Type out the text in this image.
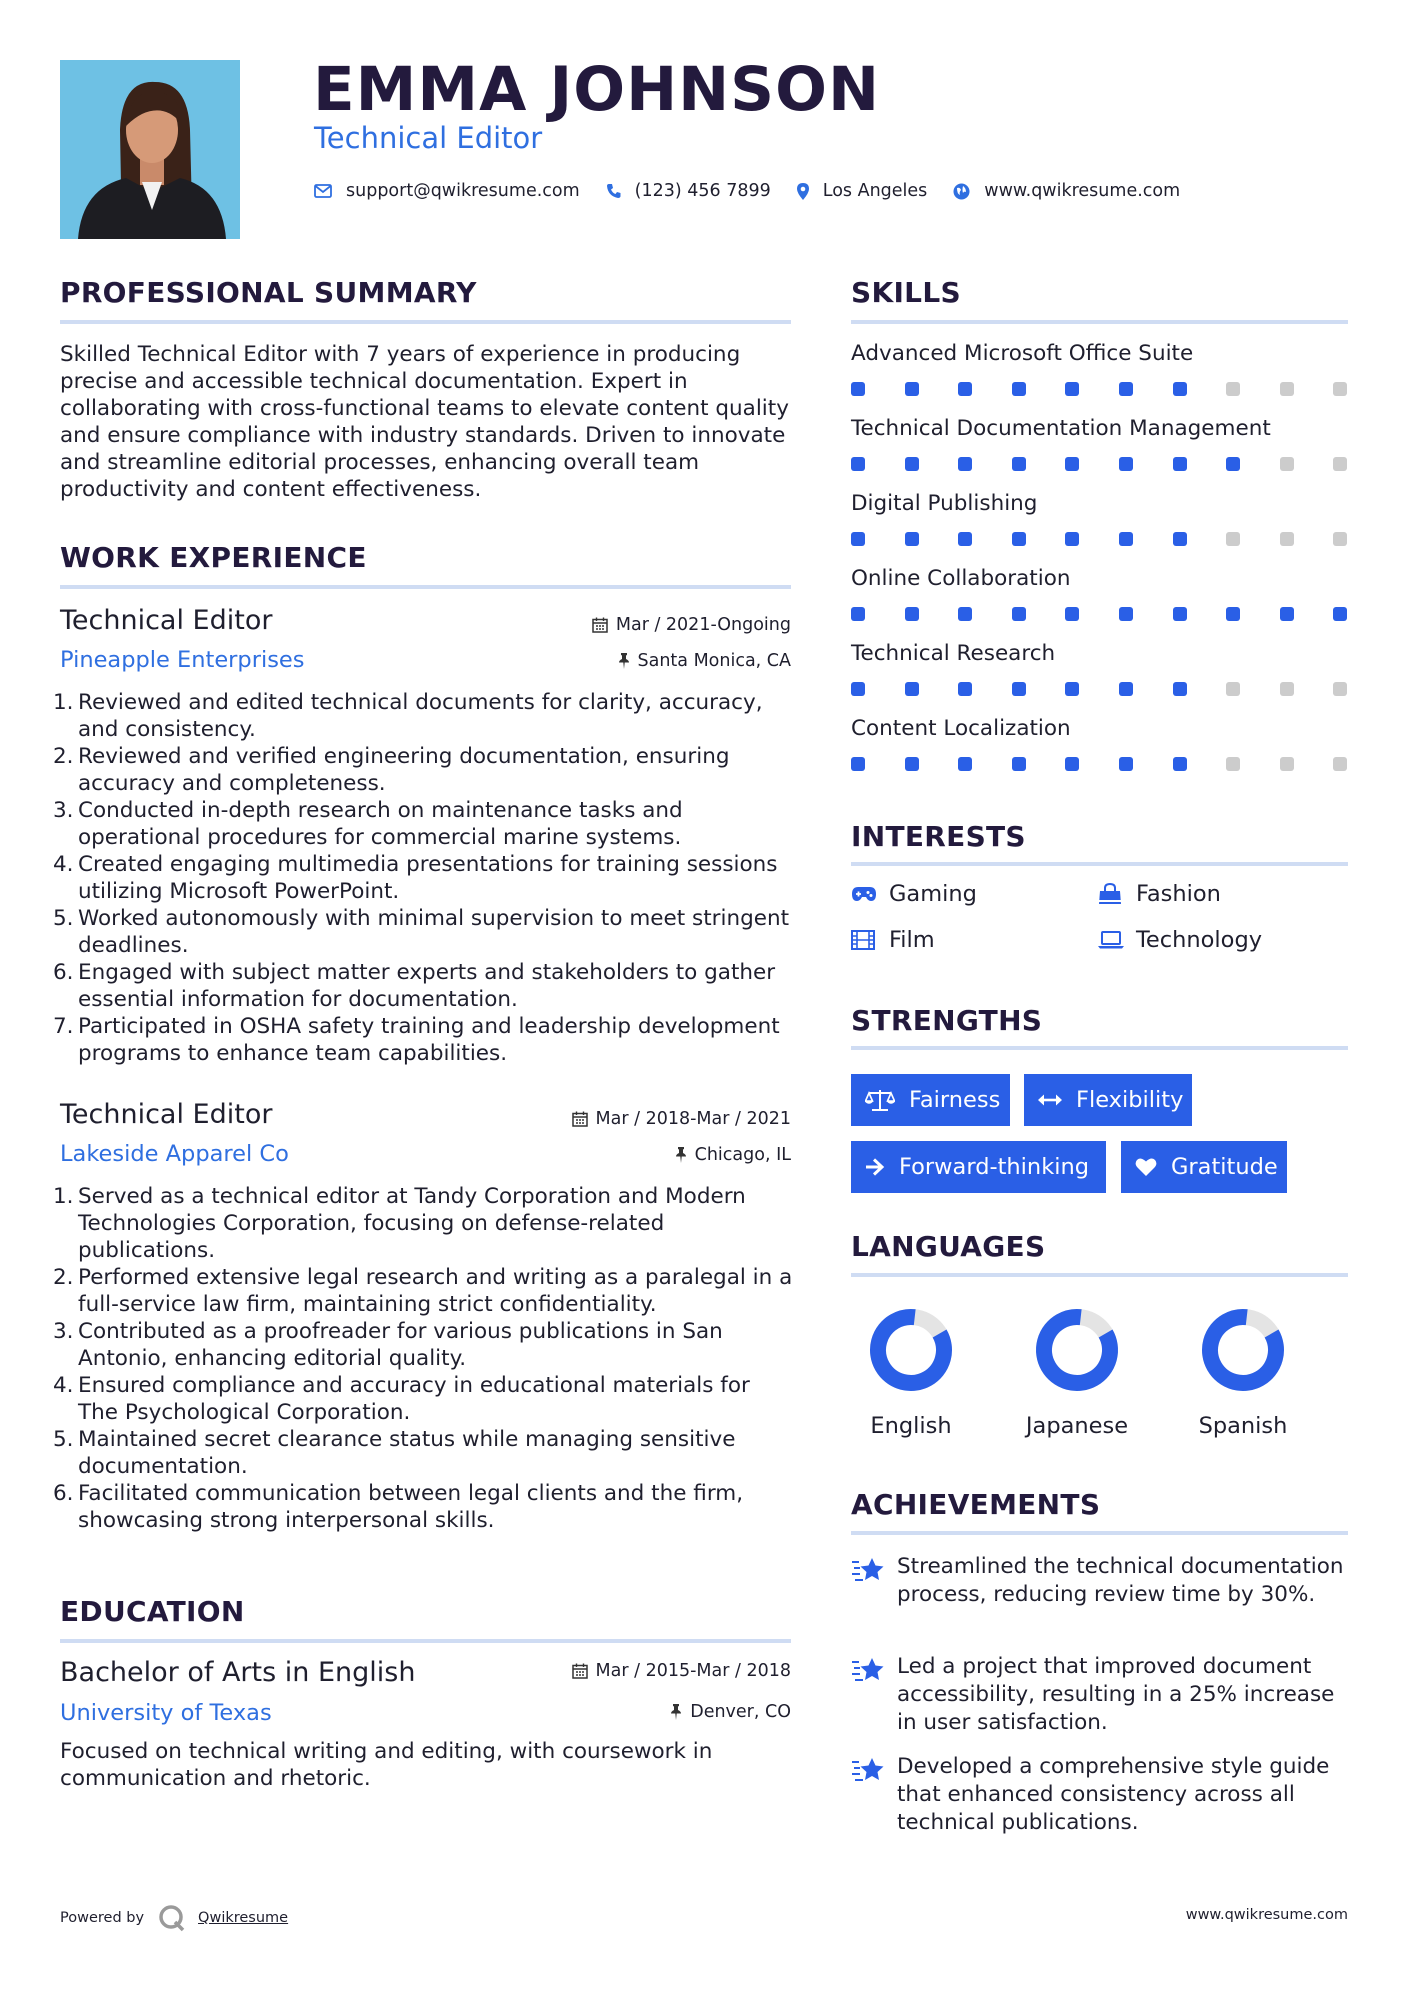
EMMA JOHNSON
Technical Editor
support@qwikresume.com	(123) 456 7899	Los Angeles	www.qwikresume.com
PROFESSIONAL SUMMARY
Skilled Technical Editor with 7 years of experience in producing precise and accessible technical documentation. Expert in collaborating with cross-functional teams to elevate content quality and ensure compliance with industry standards. Driven to innovate and streamline editorial processes, enhancing overall team productivity and content effectiveness.
WORK EXPERIENCE
Technical Editor	Mar / 2021-Ongoing
Pineapple Enterprises	Santa Monica, CA
1. Reviewed and edited technical documents for clarity, accuracy, and consistency.
2. Reviewed and verified engineering documentation, ensuring accuracy and completeness.
3. Conducted in-depth research on maintenance tasks and operational procedures for commercial marine systems.
4. Created engaging multimedia presentations for training sessions utilizing Microsoft PowerPoint.
5. Worked autonomously with minimal supervision to meet stringent deadlines.
6. Engaged with subject matter experts and stakeholders to gather essential information for documentation.
7. Participated in OSHA safety training and leadership development programs to enhance team capabilities.
Technical Editor	Mar / 2018-Mar / 2021
Lakeside Apparel Co	Chicago, IL
1. Served as a technical editor at Tandy Corporation and Modern Technologies Corporation, focusing on defense-related publications.
2. Performed extensive legal research and writing as a paralegal in a full-service law firm, maintaining strict confidentiality.
3. Contributed as a proofreader for various publications in San Antonio, enhancing editorial quality.
4. Ensured compliance and accuracy in educational materials for The Psychological Corporation.
5. Maintained secret clearance status while managing sensitive documentation.
6. Facilitated communication between legal clients and the firm, showcasing strong interpersonal skills.
EDUCATION
Bachelor of Arts in English	Mar / 2015-Mar / 2018
University of Texas	Denver, CO
Focused on technical writing and editing, with coursework in communication and rhetoric.
SKILLS
Advanced Microsoft Office Suite
Technical Documentation Management
Digital Publishing
Online Collaboration
Technical Research
Content Localization
INTERESTS
Gaming	Fashion
Film	Technology
STRENGTHS
Fairness	Flexibility
Forward-thinking	Gratitude
LANGUAGES
English	Japanese	Spanish
ACHIEVEMENTS
Streamlined the technical documentation process, reducing review time by 30%.
Led a project that improved document accessibility, resulting in a 25% increase in user satisfaction.
Developed a comprehensive style guide that enhanced consistency across all technical publications.
Powered by	Qwikresume	www.qwikresume.com
